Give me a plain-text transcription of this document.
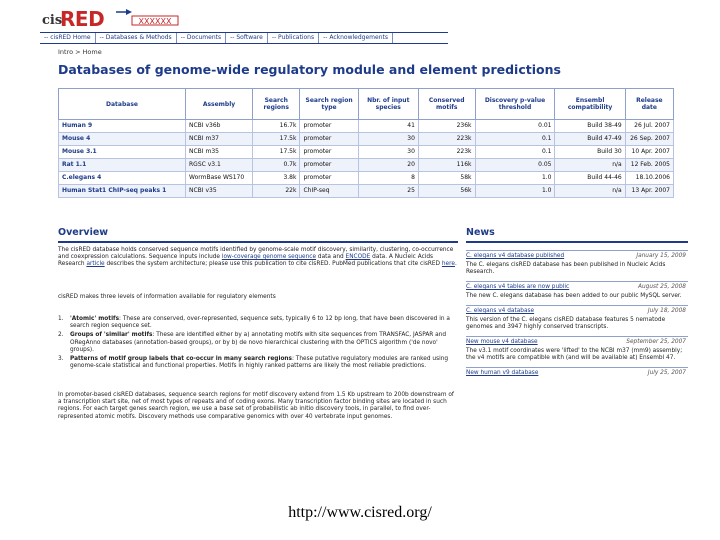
cis
RED	XXXXXX
-- cisRED Home	-- Databases & Methods	-- Documents	-- Software	-- Publications	-- Acknowledgements
Intro > Home
Databases of genome-wide regulatory module and element predictions
Database	Assembly	Search regions	Search region type	Nbr. of input species	Conserved motifs	Discovery p-value threshold	Ensembl compatibility	Release date
Human 9	NCBI v36b	16.7k	promoter	41	236k	0.01	Build 38-49	26 Jul. 2007
Mouse 4	NCBI m37	17.5k	promoter	30	223k	0.1	Build 47-49	26 Sep. 2007
Mouse 3.1	NCBI m35	17.5k	promoter	30	223k	0.1	Build 30	10 Apr. 2007
Rat 1.1	RGSC v3.1	0.7k	promoter	20	116k	0.05	n/a	12 Feb. 2005
C.elegans 4	WormBase WS170	3.8k	promoter	8	58k	1.0	Build 44-46	18.10.2006
Human Stat1 ChIP-seq peaks 1	NCBI v35	22k	ChIP-seq	25	56k	1.0	n/a	13 Apr. 2007
Overview
The cisRED database holds conserved sequence motifs identified by genome-scale motif discovery, similarity, clustering, co-occurrence and coexpression calculations. Sequence inputs include low-coverage genome sequence data and ENCODE data. A Nucleic Acids Research article describes the system architecture; please use this publication to cite cisRED. PubMed publications that cite cisRED here.
cisRED makes three levels of information available for regulatory elements
1.	'Atomic' motifs: These are conserved, over-represented, sequence sets, typically 6 to 12 bp long, that have been discovered in a search region sequence set.
2.	Groups of 'similar' motifs: These are identified either by a) annotating motifs with site sequences from TRANSFAC, JASPAR and ORegAnno databases (annotation-based groups), or by b) de novo hierarchical clustering with the OPTICS algorithm ('de novo' groups).
3.	Patterns of motif group labels that co-occur in many search regions: These putative regulatory modules are ranked using genome-scale statistical and functional properties. Motifs in highly ranked patterns are likely the most reliable predictions.
In promoter-based cisRED databases, sequence search regions for motif discovery extend from 1.5 Kb upstream to 200b downstream of a transcription start site, net of most types of repeats and of coding exons. Many transcription factor binding sites are located in such regions. For each target genes search region, we use a base set of probabilistic ab initio discovery tools, in parallel, to find over-represented atomic motifs. Discovery methods use comparative genomics with over 40 vertebrate input genomes.
News
C. elegans v4 database published	January 15, 2009
The C. elegans cisRED database has been published in Nucleic Acids Research.
C. elegans v4 tables are now public	August 25, 2008
The new C. elegans database has been added to our public MySQL server.
C. elegans v4 database	July 18, 2008
This version of the C. elegans cisRED database features 5 nematode genomes and 3947 highly conserved transcripts.
New mouse v4 database	September 25, 2007
The v3.1 motif coordinates were 'lifted' to the NCBI m37 (mm9) assembly; the v4 motifs are compatible with (and will be available at) Ensembl 47.
New human v9 database	July 25, 2007
http://www.cisred.org/
